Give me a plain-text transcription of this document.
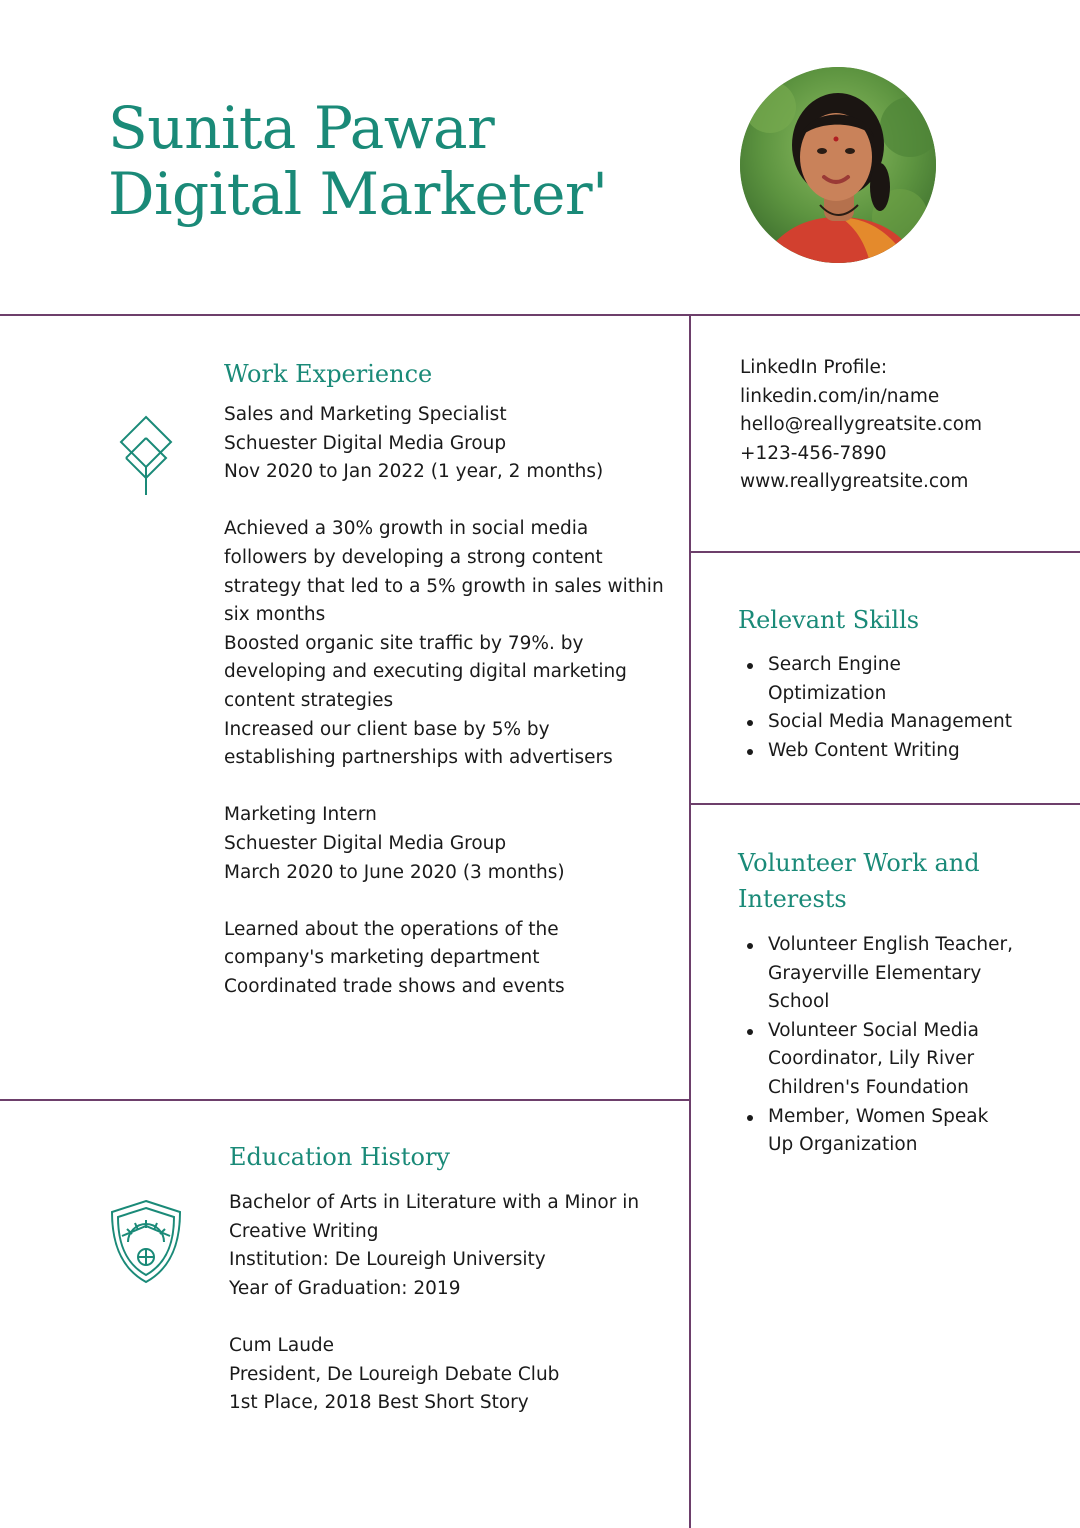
Sunita Pawar
Digital Marketer'
Work Experience
Sales and Marketing Specialist
Schuester Digital Media Group
Nov 2020 to Jan 2022 (1 year, 2 months)
Achieved a 30% growth in social media
followers by developing a strong content
strategy that led to a 5% growth in sales within
six months
Boosted organic site traffic by 79%. by
developing and executing digital marketing
content strategies
Increased our client base by 5% by
establishing partnerships with advertisers
Marketing Intern
Schuester Digital Media Group
March 2020 to June 2020 (3 months)
Learned about the operations of the
company's marketing department
Coordinated trade shows and events
LinkedIn Profile:
linkedin.com/in/name
hello@reallygreatsite.com
+123-456-7890
www.reallygreatsite.com
Relevant Skills
Search Engine
Optimization
Social Media Management
Web Content Writing
Volunteer Work and
Interests
Volunteer English Teacher,
Grayerville Elementary
School
Volunteer Social Media
Coordinator, Lily River
Children's Foundation
Member, Women Speak
Up Organization
Education History
Bachelor of Arts in Literature with a Minor in
Creative Writing
Institution: De Loureigh University
Year of Graduation: 2019
Cum Laude
President, De Loureigh Debate Club
1st Place, 2018 Best Short Story
